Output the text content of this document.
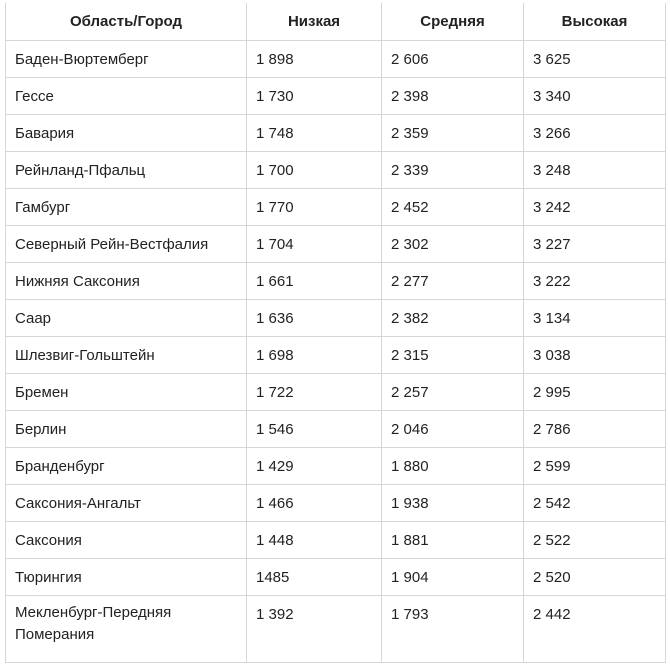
Область/Город	Низкая	Средняя	Высокая
Баден-Вюртемберг	1 898	2 606	3 625
Гессе	1 730	2 398	3 340
Бавария	1 748	2 359	3 266
Рейнланд-Пфальц	1 700	2 339	3 248
Гамбург	1 770	2 452	3 242
Северный Рейн-Вестфалия	1 704	2 302	3 227
Нижняя Саксония	1 661	2 277	3 222
Саар	1 636	2 382	3 134
Шлезвиг-Гольштейн	1 698	2 315	3 038
Бремен	1 722	2 257	2 995
Берлин	1 546	2 046	2 786
Бранденбург	1 429	1 880	2 599
Саксония-Ангальт	1 466	1 938	2 542
Саксония	1 448	1 881	2 522
Тюрингия	1485	1 904	2 520
Мекленбург-Передняя Померания	1 392	1 793	2 442
